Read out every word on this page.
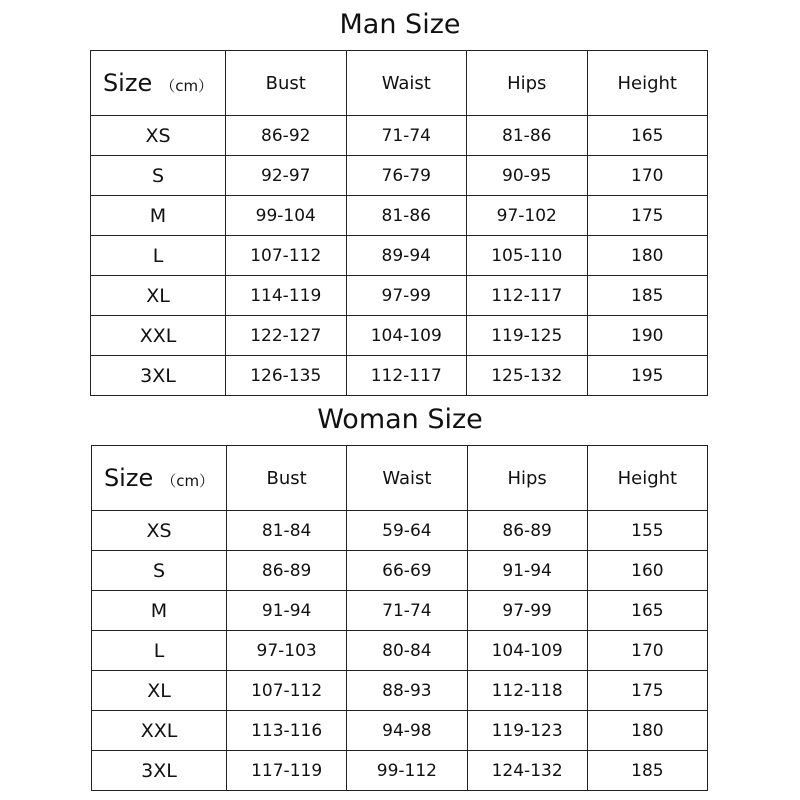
Man Size
Size （cm）	Bust	Waist	Hips	Height
XS	86-92	71-74	81-86	165
S	92-97	76-79	90-95	170
M	99-104	81-86	97-102	175
L	107-112	89-94	105-110	180
XL	114-119	97-99	112-117	185
XXL	122-127	104-109	119-125	190
3XL	126-135	112-117	125-132	195
Woman Size
Size （cm）	Bust	Waist	Hips	Height
XS	81-84	59-64	86-89	155
S	86-89	66-69	91-94	160
M	91-94	71-74	97-99	165
L	97-103	80-84	104-109	170
XL	107-112	88-93	112-118	175
XXL	113-116	94-98	119-123	180
3XL	117-119	99-112	124-132	185
